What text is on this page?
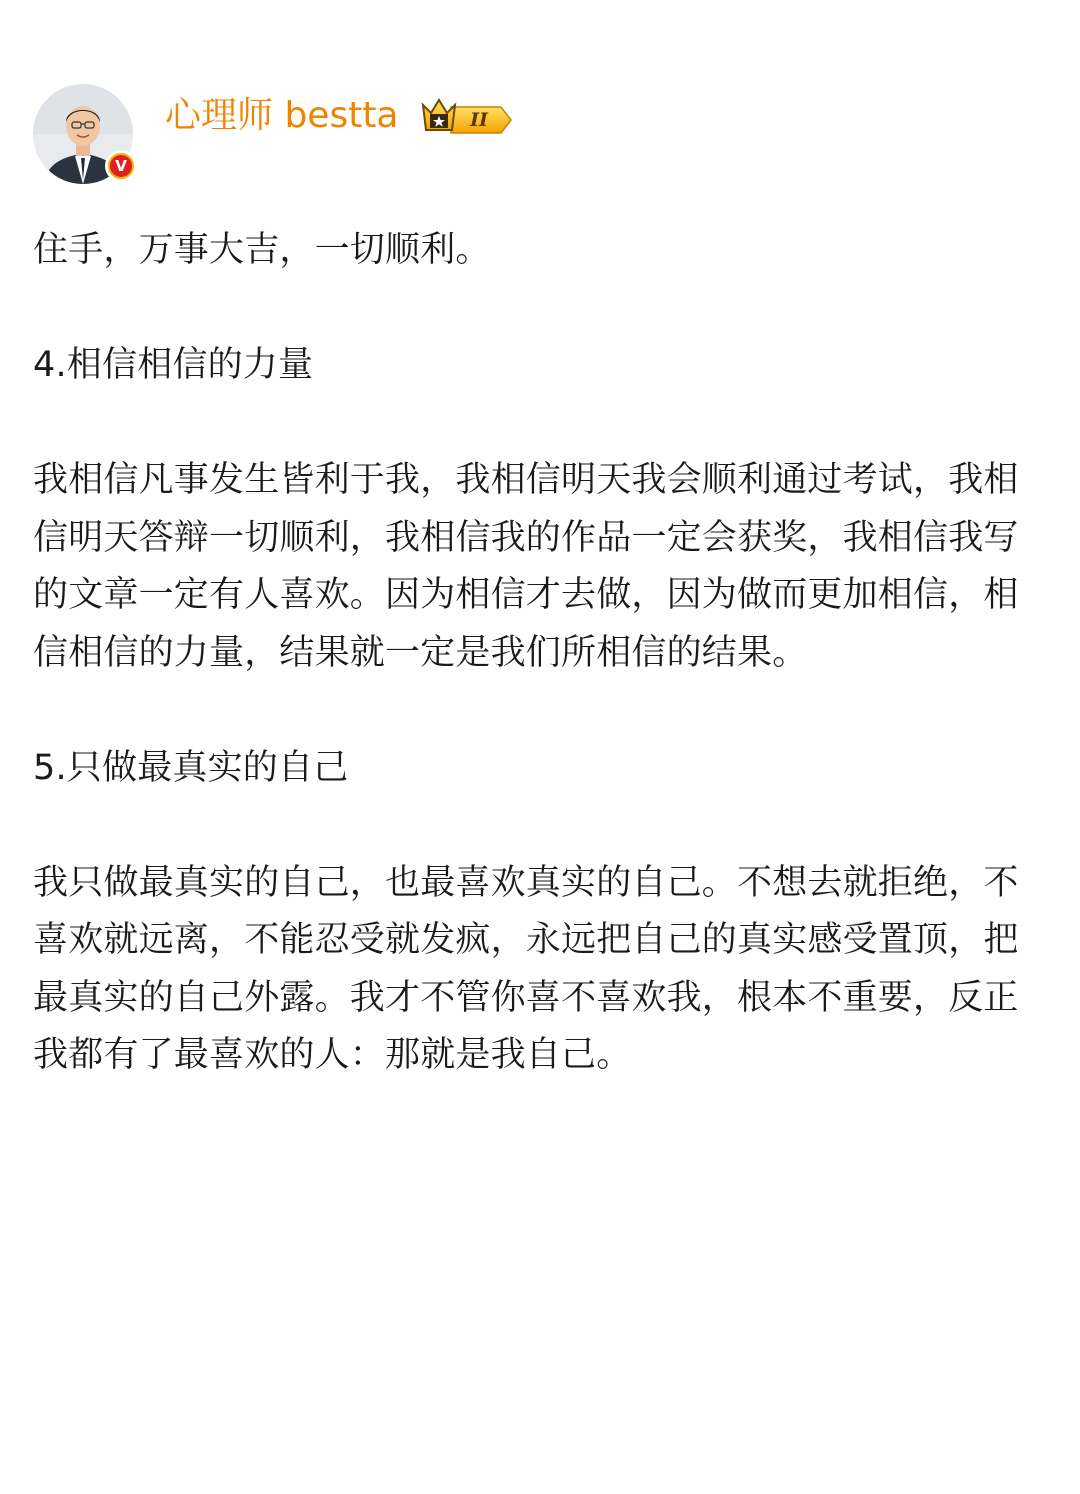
V
心理师 bestta	II

住手，万事大吉，一切顺利。

4.相信相信的力量

我相信凡事发生皆利于我，我相信明天我会顺利通过考试，我相信明天答辩一切顺利，我相信我的作品一定会获奖，我相信我写的文章一定有人喜欢。因为相信才去做，因为做而更加相信，相信相信的力量，结果就一定是我们所相信的结果。

5.只做最真实的自己

我只做最真实的自己，也最喜欢真实的自己。不想去就拒绝，不喜欢就远离，不能忍受就发疯，永远把自己的真实感受置顶，把最真实的自己外露。我才不管你喜不喜欢我，根本不重要，反正我都有了最喜欢的人：那就是我自己。
